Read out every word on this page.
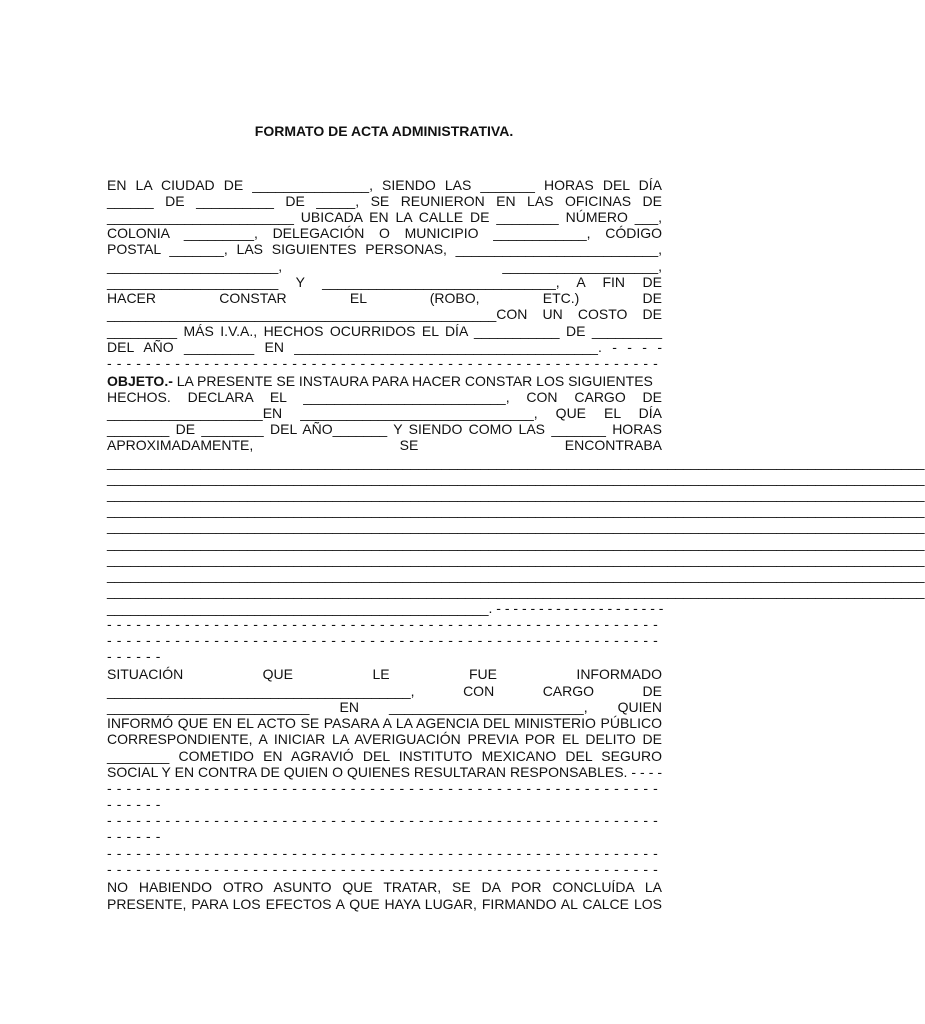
FORMATO DE ACTA ADMINISTRATIVA.
EN LA CIUDAD DE _______________, SIENDO LAS _______ HORAS DEL DÍA
______ DE __________ DE _____, SE REUNIERON EN LAS OFICINAS DE
________________________ UBICADA EN LA CALLE DE ________ NÚMERO ___,
COLONIA _________, DELEGACIÓN O MUNICIPIO ____________, CÓDIGO
POSTAL _______, LAS SIGUIENTES PERSONAS, __________________________,
______________________, ____________________,
______________________ Y ______________________________, A FIN DE
HACER CONSTAR EL (ROBO, ETC.) DE
__________________________________________________CON UN COSTO DE
_________ MÁS I.V.A., HECHOS OCURRIDOS EL DÍA ___________ DE _________
DEL AÑO _________ EN _______________________________________. - - - -
- - - - - - - - - - - - - - - - - - - - - - - - - - - - - - - - - - - - - - - - - - - - - - - - - - - - - - - - -
OBJETO.- LA PRESENTE SE INSTAURA PARA HACER CONSTAR LOS SIGUIENTES
HECHOS. DECLARA EL __________________________, CON CARGO DE
____________________EN ______________________________, QUE EL DÍA
________ DE ________ DEL AÑO_______ Y SIENDO COMO LAS _______ HORAS
APROXIMADAMENTE, SE ENCONTRABA
_________________________________________________________________________________________________________
_________________________________________________________________________________________________________
_________________________________________________________________________________________________________
_________________________________________________________________________________________________________
_________________________________________________________________________________________________________
_________________________________________________________________________________________________________
_________________________________________________________________________________________________________
_________________________________________________________________________________________________________
_________________________________________________________________________________________________________
_________________________________________________. - - - - - - - - - - - - - - - - - - - -
- - - - - - - - - - - - - - - - - - - - - - - - - - - - - - - - - - - - - - - - - - - - - - - - - - - - - - - - -
- - - - - - - - - - - - - - - - - - - - - - - - - - - - - - - - - - - - - - - - - - - - - - - - - - - - - - - - -
- - - - - -
SITUACIÓN QUE LE FUE INFORMADO
_______________________________________, CON CARGO DE
__________________________ EN _________________________, QUIEN
INFORMÓ QUE EN EL ACTO SE PASARA A LA AGENCIA DEL MINISTERIO PÚBLICO
CORRESPONDIENTE, A INICIAR LA AVERIGUACIÓN PREVIA POR EL DELITO DE
________ COMETIDO EN AGRAVIÓ DEL INSTITUTO MEXICANO DEL SEGURO
SOCIAL Y EN CONTRA DE QUIEN O QUIENES RESULTARAN RESPONSABLES. - - - -
- - - - - - - - - - - - - - - - - - - - - - - - - - - - - - - - - - - - - - - - - - - - - - - - - - - - - - - - -
- - - - - -
- - - - - - - - - - - - - - - - - - - - - - - - - - - - - - - - - - - - - - - - - - - - - - - - - - - - - - - - -
- - - - - -
- - - - - - - - - - - - - - - - - - - - - - - - - - - - - - - - - - - - - - - - - - - - - - - - - - - - - - - - -
- - - - - - - - - - - - - - - - - - - - - - - - - - - - - - - - - - - - - - - - - - - - - - - - - - - - - - - - -
NO HABIENDO OTRO ASUNTO QUE TRATAR, SE DA POR CONCLUÍDA LA
PRESENTE, PARA LOS EFECTOS A QUE HAYA LUGAR, FIRMANDO AL CALCE LOS
